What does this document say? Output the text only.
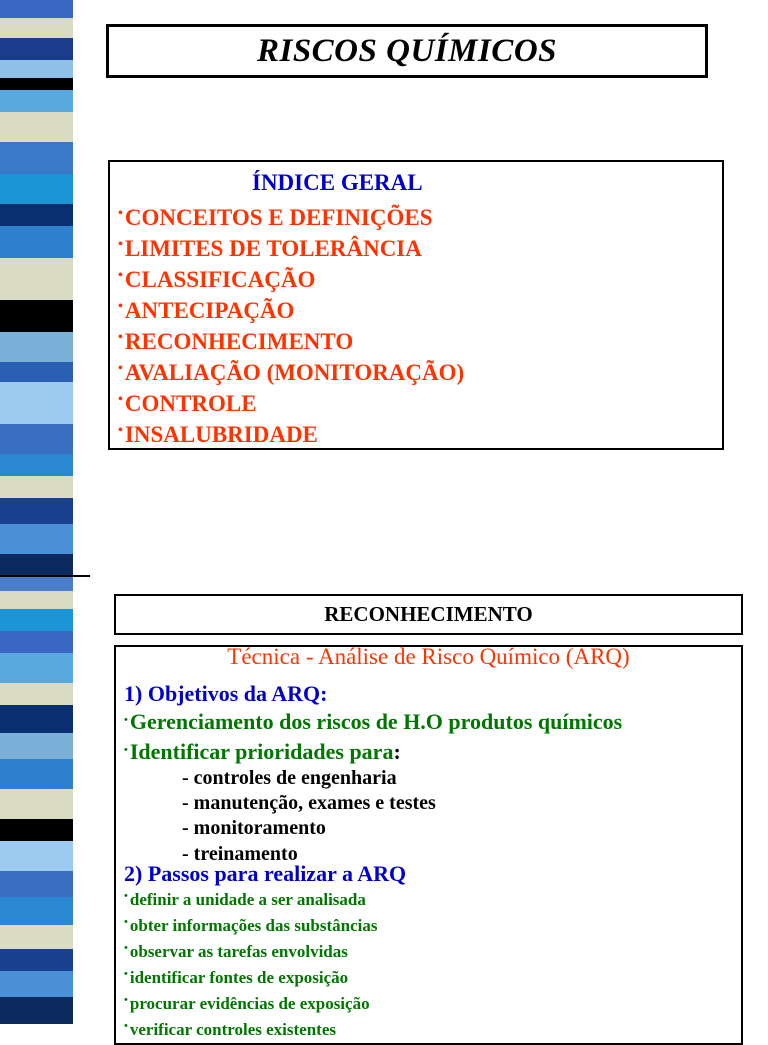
RISCOS QUÍMICOS
ÍNDICE GERAL
•CONCEITOS E DEFINIÇÕES
•LIMITES DE TOLERÂNCIA
•CLASSIFICAÇÃO
•ANTECIPAÇÃO
•RECONHECIMENTO
•AVALIAÇÃO (MONITORAÇÃO)
•CONTROLE
•INSALUBRIDADE
RECONHECIMENTO
Técnica - Análise de Risco Químico (ARQ)
1) Objetivos da ARQ:
•Gerenciamento dos riscos de H.O produtos químicos
•Identificar prioridades para:
- controles de engenharia
- manutenção, exames e testes
- monitoramento
- treinamento
2) Passos para realizar a ARQ
• definir a unidade a ser analisada
• obter informações das substâncias
• observar as tarefas envolvidas
• identificar fontes de exposição
• procurar evidências de exposição
• verificar controles existentes
